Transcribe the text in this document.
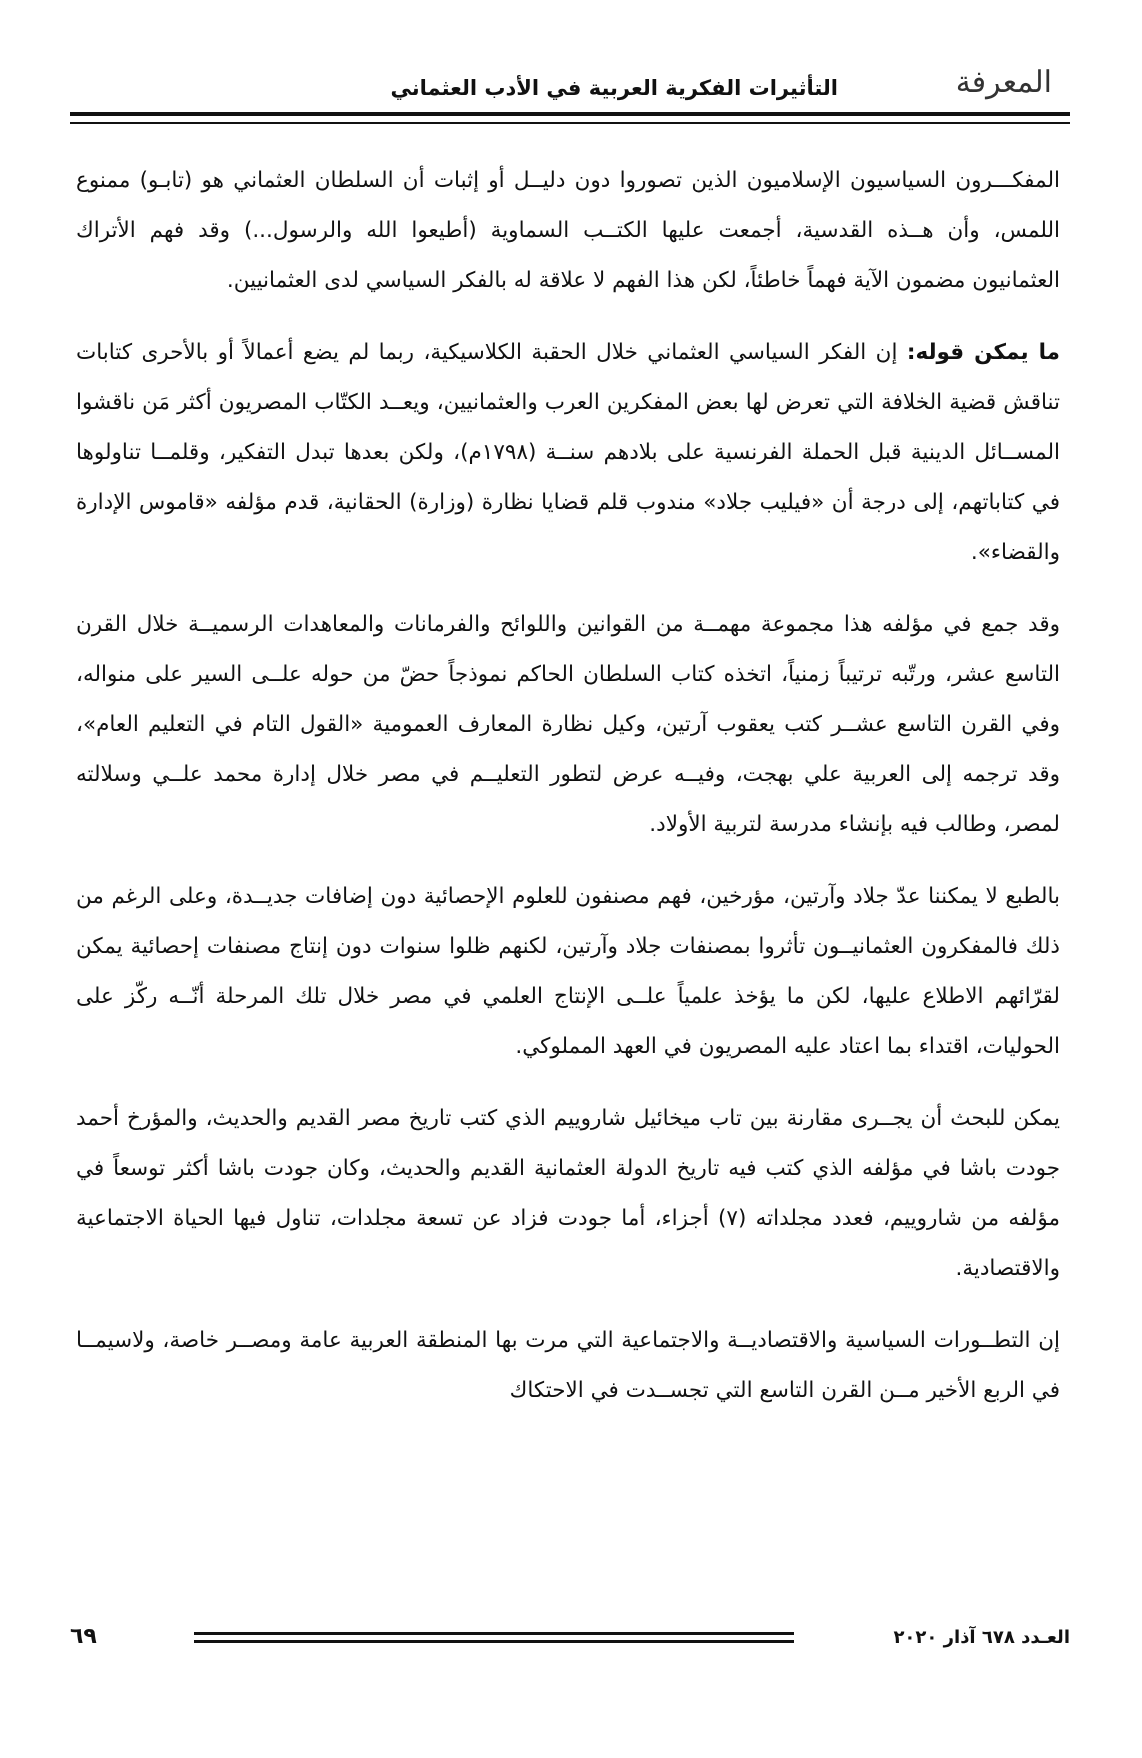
المعرفة
التأثيرات الفكرية العربية في الأدب العثماني

المفكـــرون السياسيون الإسلاميون الذين تصوروا دون دليــل أو إثبات أن السلطان العثماني هو (تابـو) ممنوع اللمس، وأن هــذه القدسية، أجمعت عليها الكتــب السماوية (أطيعوا الله والرسول...) وقد فهم الأتراك العثمانيون مضمون الآية فهماً خاطئاً، لكن هذا الفهم لا علاقة له بالفكر السياسي لدى العثمانيين.

ما يمكن قوله: إن الفكر السياسي العثماني خلال الحقبة الكلاسيكية، ربما لم يضع أعمالاً أو بالأحرى كتابات تناقش قضية الخلافة التي تعرض لها بعض المفكرين العرب والعثمانيين، ويعــد الكتّاب المصريون أكثر مَن ناقشوا المســائل الدينية قبل الحملة الفرنسية على بلادهم سنــة (١٧٩٨م)، ولكن بعدها تبدل التفكير، وقلمــا تناولوها في كتاباتهم، إلى درجة أن «فيليب جلاد» مندوب قلم قضايا نظارة (وزارة) الحقانية، قدم مؤلفه «قاموس الإدارة والقضاء».

وقد جمع في مؤلفه هذا مجموعة مهمــة من القوانين واللوائح والفرمانات والمعاهدات الرسميــة خلال القرن التاسع عشر، ورتّبه ترتيباً زمنياً، اتخذه كتاب السلطان الحاكم نموذجاً حضّ من حوله علــى السير على منواله، وفي القرن التاسع عشــر كتب يعقوب آرتين، وكيل نظارة المعارف العمومية «القول التام في التعليم العام»، وقد ترجمه إلى العربية علي بهجت، وفيــه عرض لتطور التعليــم في مصر خلال إدارة محمد علــي وسلالته لمصر، وطالب فيه بإنشاء مدرسة لتربية الأولاد.

بالطبع لا يمكننا عدّ جلاد وآرتين، مؤرخين، فهم مصنفون للعلوم الإحصائية دون إضافات جديــدة، وعلى الرغم من ذلك فالمفكرون العثمانيــون تأثروا بمصنفات جلاد وآرتين، لكنهم ظلوا سنوات دون إنتاج مصنفات إحصائية يمكن لقرّائهم الاطلاع عليها، لكن ما يؤخذ علمياً علــى الإنتاج العلمي في مصر خلال تلك المرحلة أنّــه ركّز على الحوليات، اقتداء بما اعتاد عليه المصريون في العهد المملوكي.

يمكن للبحث أن يجــرى مقارنة بين تاب ميخائيل شاروييم الذي كتب تاريخ مصر القديم والحديث، والمؤرخ أحمد جودت باشا في مؤلفه الذي كتب فيه تاريخ الدولة العثمانية القديم والحديث، وكان جودت باشا أكثر توسعاً في مؤلفه من شاروييم، فعدد مجلداته (٧) أجزاء، أما جودت فزاد عن تسعة مجلدات، تناول فيها الحياة الاجتماعية والاقتصادية.

إن التطــورات السياسية والاقتصاديــة والاجتماعية التي مرت بها المنطقة العربية عامة ومصــر خاصة، ولاسيمــا في الربع الأخير مــن القرن التاسع التي تجســدت في الاحتكاك

٦٩	العـدد ٦٧٨ آذار ٢٠٢٠
